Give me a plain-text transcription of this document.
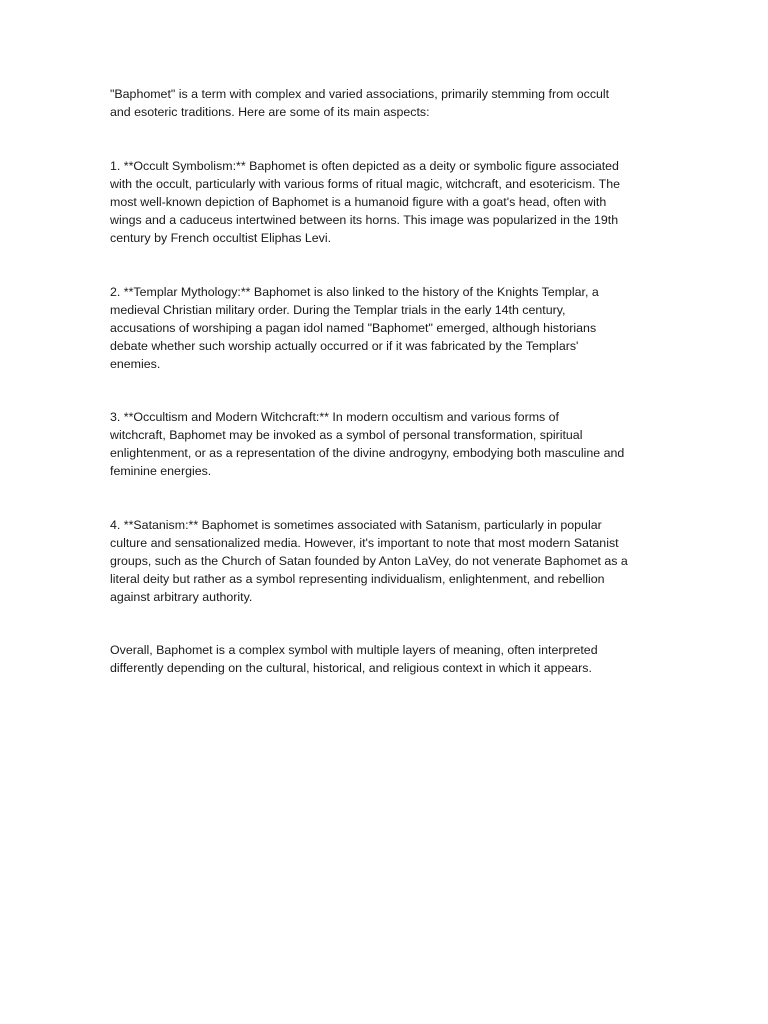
"Baphomet" is a term with complex and varied associations, primarily stemming from occult

and esoteric traditions. Here are some of its main aspects:

1. **Occult Symbolism:** Baphomet is often depicted as a deity or symbolic figure associated

with the occult, particularly with various forms of ritual magic, witchcraft, and esotericism. The

most well-known depiction of Baphomet is a humanoid figure with a goat's head, often with

wings and a caduceus intertwined between its horns. This image was popularized in the 19th

century by French occultist Eliphas Levi.

2. **Templar Mythology:** Baphomet is also linked to the history of the Knights Templar, a

medieval Christian military order. During the Templar trials in the early 14th century,

accusations of worshiping a pagan idol named "Baphomet" emerged, although historians

debate whether such worship actually occurred or if it was fabricated by the Templars'

enemies.

3. **Occultism and Modern Witchcraft:** In modern occultism and various forms of

witchcraft, Baphomet may be invoked as a symbol of personal transformation, spiritual

enlightenment, or as a representation of the divine androgyny, embodying both masculine and

feminine energies.

4. **Satanism:** Baphomet is sometimes associated with Satanism, particularly in popular

culture and sensationalized media. However, it's important to note that most modern Satanist

groups, such as the Church of Satan founded by Anton LaVey, do not venerate Baphomet as a

literal deity but rather as a symbol representing individualism, enlightenment, and rebellion

against arbitrary authority.

Overall, Baphomet is a complex symbol with multiple layers of meaning, often interpreted

differently depending on the cultural, historical, and religious context in which it appears.
